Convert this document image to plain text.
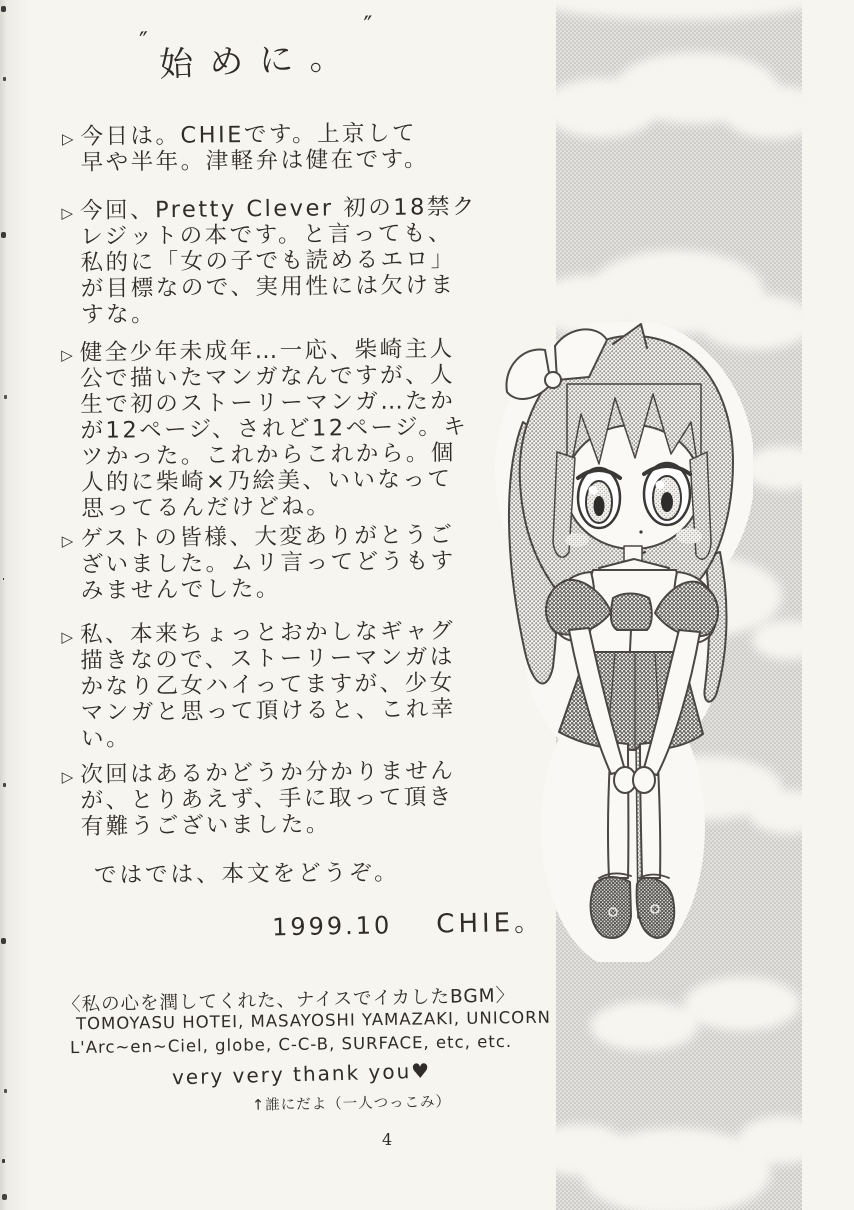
″ 始めに。
″
▷ 今日は。CHIEです。上京して
早や半年。津軽弁は健在です。
▷ 今回、Pretty Clever 初の18禁ク
レジットの本です。と言っても、
私的に「女の子でも読めるエロ」
が目標なので、実用性には欠けま
すな。
▷ 健全少年未成年…一応、柴崎主人
公で描いたマンガなんですが、人
生で初のストーリーマンガ…たか
が12ページ、されど12ページ。キ
ツかった。これからこれから。個
人的に柴崎×乃絵美、いいなって
思ってるんだけどね。
▷ ゲストの皆様、大変ありがとうご
ざいました。ムリ言ってどうもす
みませんでした。
▷ 私、本来ちょっとおかしなギャグ
描きなので、ストーリーマンガは
かなり乙女ハイってますが、少女
マンガと思って頂けると、これ幸
い。
▷ 次回はあるかどうか分かりません
が、とりあえず、手に取って頂き
有難うございました。
ではでは、本文をどうぞ。
1999.10 CHIE。
〈私の心を潤してくれた、ナイスでイカしたBGM〉
TOMOYASU HOTEI, MASAYOSHI YAMAZAKI, UNICORN
L'Arc~en~Ciel, globe, C-C-B, SURFACE, etc, etc.
very very thank you♥
↑誰にだよ（一人つっこみ）
4
